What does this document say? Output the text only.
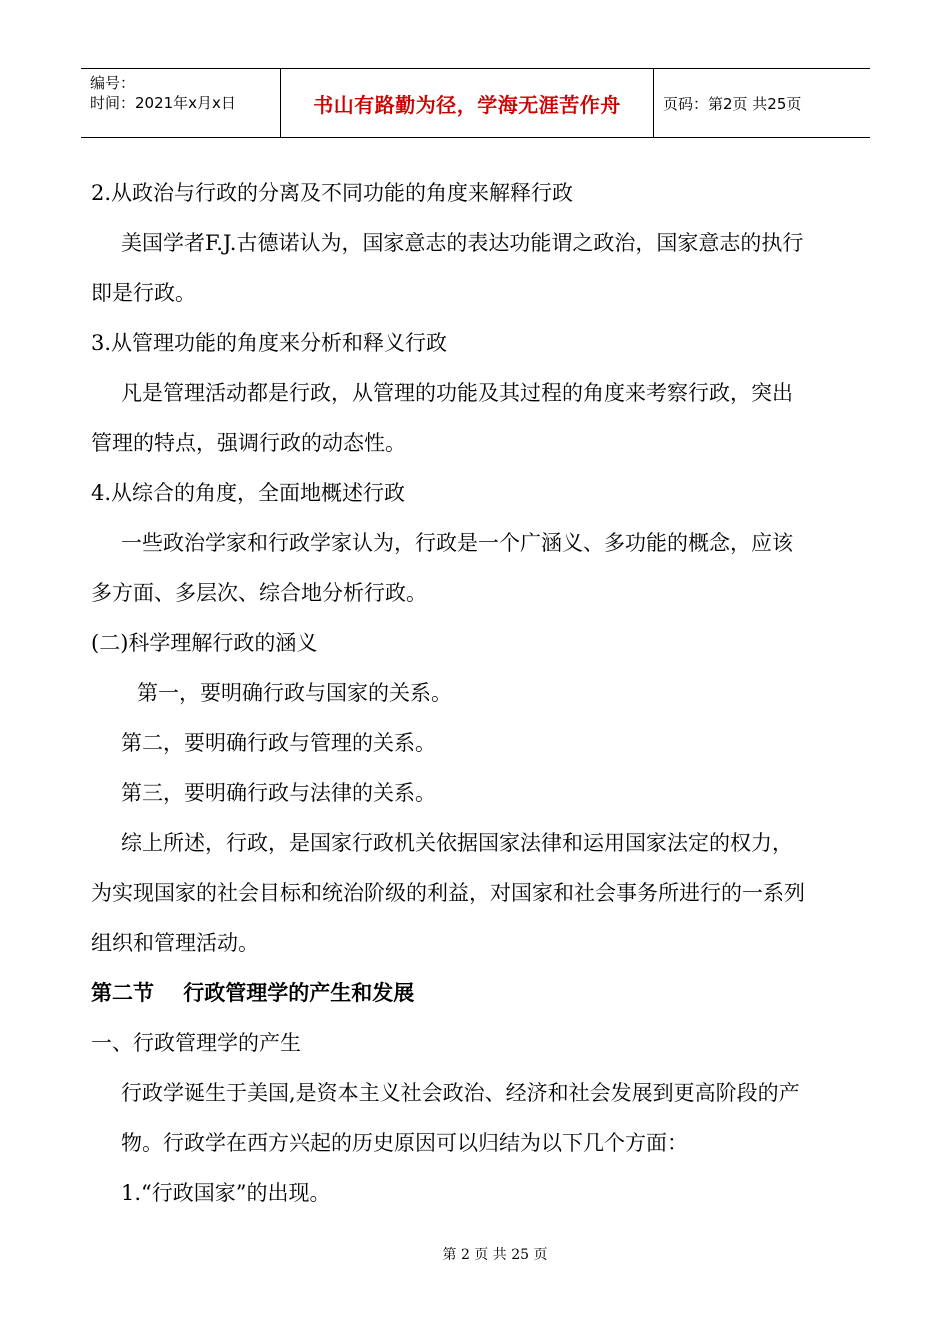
编号：
时间：2021年x月x日	书山有路勤为径，学海无涯苦作舟	页码：第2页 共25页

2.从政治与行政的分离及不同功能的角度来解释行政

美国学者F.J.古德诺认为，国家意志的表达功能谓之政治，国家意志的执行

即是行政。

3.从管理功能的角度来分析和释义行政

凡是管理活动都是行政，从管理的功能及其过程的角度来考察行政，突出

管理的特点，强调行政的动态性。

4.从综合的角度，全面地概述行政

一些政治学家和行政学家认为，行政是一个广涵义、多功能的概念，应该

多方面、多层次、综合地分析行政。

(二)科学理解行政的涵义

第一，要明确行政与国家的关系。

第二，要明确行政与管理的关系。

第三，要明确行政与法律的关系。

综上所述，行政，是国家行政机关依据国家法律和运用国家法定的权力，

为实现国家的社会目标和统治阶级的利益，对国家和社会事务所进行的一系列

组织和管理活动。

第二节    行政管理学的产生和发展

一、行政管理学的产生

行政学诞生于美国,是资本主义社会政治、经济和社会发展到更高阶段的产

物。行政学在西方兴起的历史原因可以归结为以下几个方面：

1.“行政国家”的出现。

第 2 页 共 25 页
